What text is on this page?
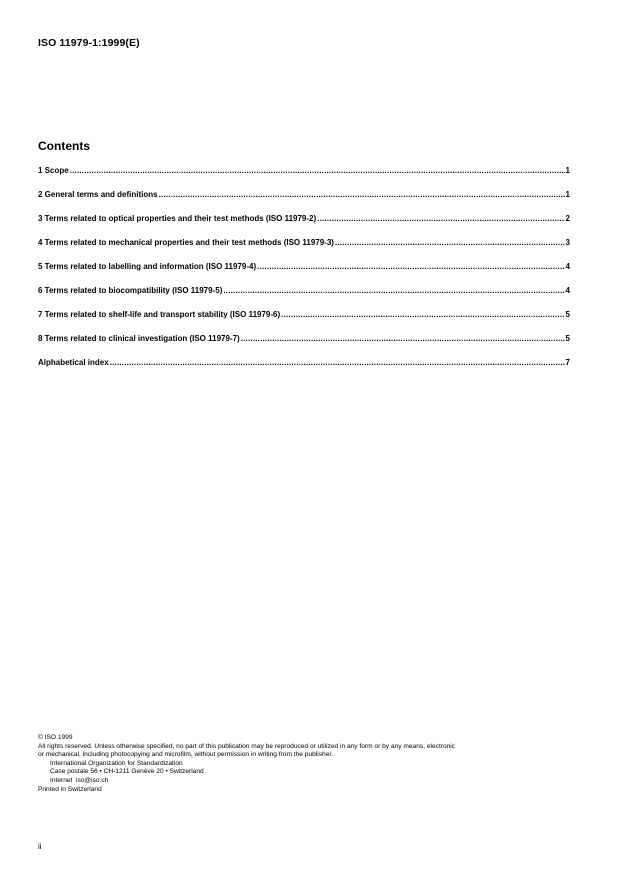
ISO 11979-1:1999(E)
Contents
1 Scope .....	1
2 General terms and definitions .....	1
3 Terms related to optical properties and their test methods (ISO 11979-2) .....	2
4 Terms related to mechanical properties and their test methods (ISO 11979-3) .....	3
5 Terms related to labelling and information (ISO 11979-4) .....	4
6 Terms related to biocompatibility (ISO 11979-5) .....	4
7 Terms related to shelf-life and transport stability (ISO 11979-6) .....	5
8 Terms related to clinical investigation (ISO 11979-7) .....	5
Alphabetical index .....	7
© ISO 1999
All rights reserved. Unless otherwise specified, no part of this publication may be reproduced or utilized in any form or by any means, electronic
or mechanical, including photocopying and microfilm, without permission in writing from the publisher.
International Organization for Standardization
Case postale 56 • CH-1211 Genève 20 • Switzerland
Internet iso@iso.ch
Printed in Switzerland
ii
